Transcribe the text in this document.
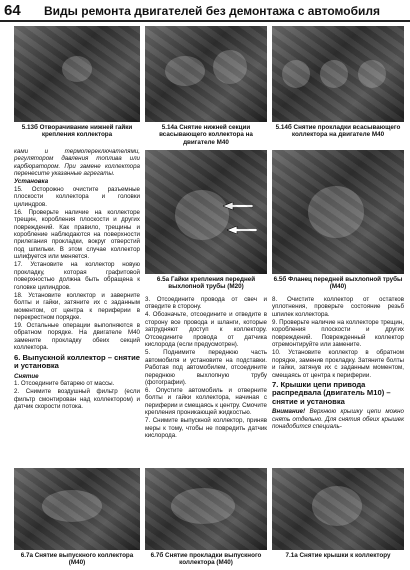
64 Виды ремонта двигателей без демонтажа с автомобиля
5.13б Отворачивание нижней гайки крепления коллектора
5.14а Снятие нижней секции всасывающего коллектора на двигателе M40
5.14б Снятие прокладки всасывающего коллектора на двигателе M40

ками и термопереключателями, регулятором давления топлива или карбюратором. При замене коллектора перенесите указанные агрегаты.

Установка

15. Осторожно очистите разъемные плоскости коллектора и головки цилиндров.

16. Проверьте наличие на коллекторе трещин, коробления плоскости и других повреждений. Как правило, трещины и коробление наблюдаются на поверхности прилегания прокладки, вокруг отверстий под шпильки. В этом случае коллектор шлифуется или меняется.

17. Установите на коллектор новую прокладку, которая графитовой поверхностью должна быть обращена к головке цилиндров.

18. Установите коллектор и заверните болты и гайки, затяните их с заданным моментом, от центра к периферии в перекрестном порядке.

19. Остальные операции выполняются в обратном порядке. На двигателе M40 замените прокладку обеих секций коллектора.

6. Выпускной коллектор – снятие и установка
Снятие

1. Отсоедините батарею от массы.

2. Снимите воздушный фильтр (если фильтр смонтирован над коллектором) и датчик скорости потока.

6.5а Гайки крепления передней выхлопной трубы (M20)
6.5б Фланец передней выхлопной трубы (M40)

3. Отсоедините провода от свеч и отведите в сторону.

4. Обозначьте, отсоедините и отведите в сторону все провода и шланги, которые затрудняют доступ к коллектору. Отсоедините провода от датчика кислорода (если предусмотрен).

5. Поднимите переднюю часть автомобиля и установите на подставки. Работая под автомобилем, отсоедините переднюю выхлопную трубу (фотографии).

6. Опустите автомобиль и отверните болты и гайки коллектора, начиная с периферии и смещаясь к центру. Смочите крепления проникающей жидкостью.

7. Снимите выпускной коллектор, приняв меры к тому, чтобы не повредить датчик кислорода.

8. Очистите коллектор от остатков уплотнения, проверьте состояние резьб шпилек коллектора.

9. Проверьте наличие на коллекторе трещин, коробления плоскости и других повреждений. Поврежденный коллектор отремонтируйте или замените.

10. Установите коллектор в обратном порядке, заменив прокладку. Затяните болты и гайки, затянув их с заданным моментом, смещаясь от центра к периферии.

7. Крышки цепи привода распредвала (двигатель M10) – снятие и установка

Внимание! Верхнюю крышку цепи можно снять отдельно. Для снятия обеих крышек понадобится специаль-

6.7а Снятие выпускного коллектора (M40)
6.7б Снятие прокладки выпускного коллектора (M40)
7.1а Снятие крышки к коллектору
